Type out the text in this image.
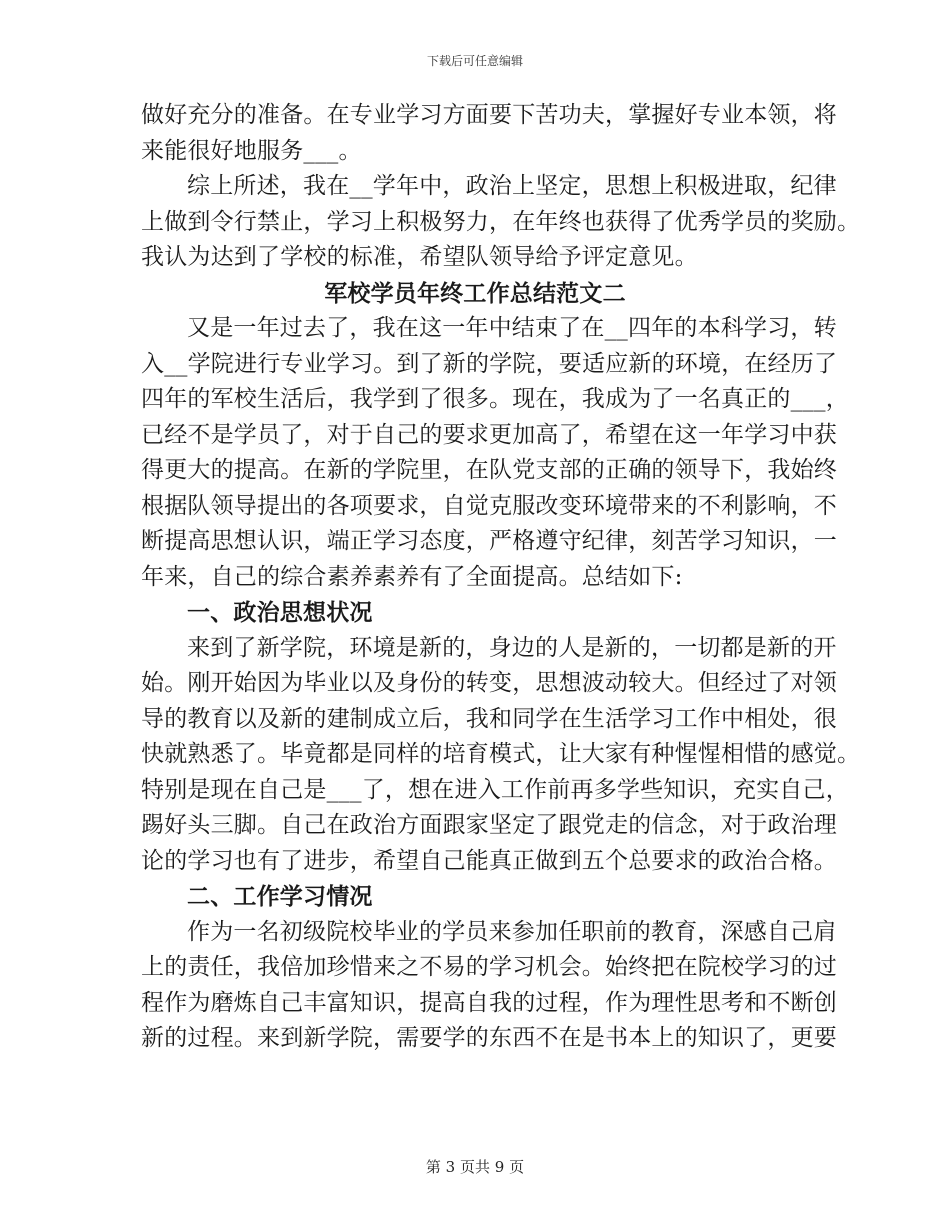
下载后可任意编辑
做好充分的准备。在专业学习方面要下苦功夫，掌握好专业本领，将
来能很好地服务___。
综上所述，我在__学年中，政治上坚定，思想上积极进取，纪律
上做到令行禁止，学习上积极努力，在年终也获得了优秀学员的奖励。
我认为达到了学校的标准，希望队领导给予评定意见。
军校学员年终工作总结范文二
又是一年过去了，我在这一年中结束了在__四年的本科学习，转
入__学院进行专业学习。到了新的学院，要适应新的环境，在经历了
四年的军校生活后，我学到了很多。现在，我成为了一名真正的___，
已经不是学员了，对于自己的要求更加高了，希望在这一年学习中获
得更大的提高。在新的学院里，在队党支部的正确的领导下，我始终
根据队领导提出的各项要求，自觉克服改变环境带来的不利影响，不
断提高思想认识，端正学习态度，严格遵守纪律，刻苦学习知识，一
年来，自己的综合素养素养有了全面提高。总结如下:
一、政治思想状况
来到了新学院，环境是新的，身边的人是新的，一切都是新的开
始。刚开始因为毕业以及身份的转变，思想波动较大。但经过了对领
导的教育以及新的建制成立后，我和同学在生活学习工作中相处，很
快就熟悉了。毕竟都是同样的培育模式，让大家有种惺惺相惜的感觉。
特别是现在自己是___了，想在进入工作前再多学些知识，充实自己，
踢好头三脚。自己在政治方面跟家坚定了跟党走的信念，对于政治理
论的学习也有了进步，希望自己能真正做到五个总要求的政治合格。
二、工作学习情况
作为一名初级院校毕业的学员来参加任职前的教育，深感自己肩
上的责任，我倍加珍惜来之不易的学习机会。始终把在院校学习的过
程作为磨炼自己丰富知识，提高自我的过程，作为理性思考和不断创
新的过程。来到新学院，需要学的东西不在是书本上的知识了，更要
第 3 页共 9 页
